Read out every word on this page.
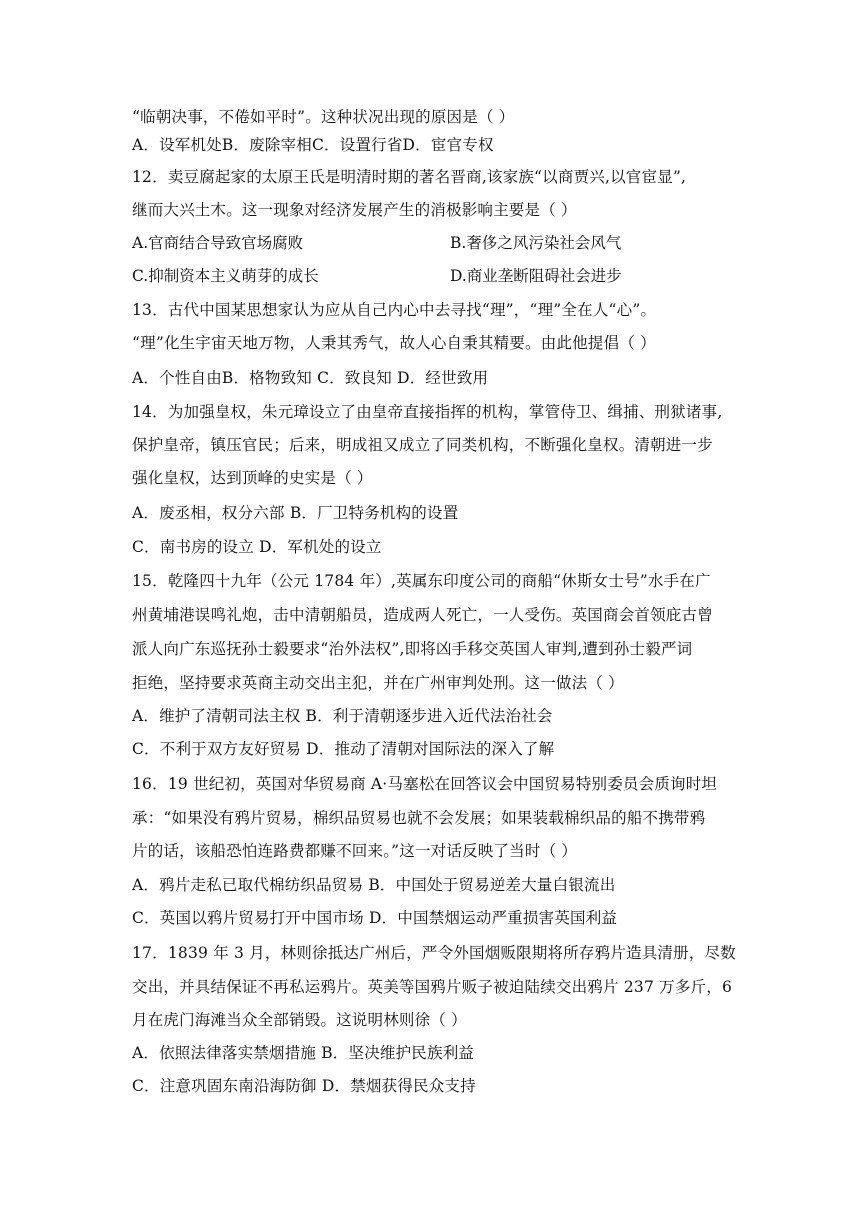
“临朝决事，不倦如平时”。这种状况出现的原因是（ ）
A．设军机处B．废除宰相C．设置行省D．宦官专权
12．卖豆腐起家的太原王氏是明清时期的著名晋商,该家族“以商贾兴,以官宦显”,
继而大兴土木。这一现象对经济发展产生的消极影响主要是（ ）
A.官商结合导致官场腐败	B.奢侈之风污染社会风气
C.抑制资本主义萌芽的成长	D.商业垄断阻碍社会进步
13．古代中国某思想家认为应从自己内心中去寻找“理”，“理”全在人“心”。
“理”化生宇宙天地万物，人秉其秀气，故人心自秉其精要。由此他提倡（ ）
A．个性自由B．格物致知 C．致良知 D．经世致用
14．为加强皇权，朱元璋设立了由皇帝直接指挥的机构，掌管侍卫、缉捕、刑狱诸事,
保护皇帝，镇压官民；后来，明成祖又成立了同类机构，不断强化皇权。清朝进一步
强化皇权，达到顶峰的史实是（ ）
A．废丞相，权分六部 B．厂卫特务机构的设置
C．南书房的设立 D．军机处的设立
15．乾隆四十九年（公元 1784 年）,英属东印度公司的商船“休斯女士号”水手在广
州黄埔港误鸣礼炮，击中清朝船员，造成两人死亡，一人受伤。英国商会首领庇古曾
派人向广东巡抚孙士毅要求“治外法权”,即将凶手移交英国人审判,遭到孙士毅严词
拒绝，坚持要求英商主动交出主犯，并在广州审判处刑。这一做法（ ）
A．维护了清朝司法主权 B．利于清朝逐步进入近代法治社会
C．不利于双方友好贸易 D．推动了清朝对国际法的深入了解
16．19 世纪初，英国对华贸易商 A·马塞松在回答议会中国贸易特别委员会质询时坦
承：“如果没有鸦片贸易，棉织品贸易也就不会发展；如果装载棉织品的船不携带鸦
片的话，该船恐怕连路费都赚不回来。”这一对话反映了当时（ ）
A．鸦片走私已取代棉纺织品贸易 B．中国处于贸易逆差大量白银流出
C．英国以鸦片贸易打开中国市场 D．中国禁烟运动严重损害英国利益
17．1839 年 3 月，林则徐抵达广州后，严令外国烟贩限期将所存鸦片造具清册，尽数
交出，并具结保证不再私运鸦片。英美等国鸦片贩子被迫陆续交出鸦片 237 万多斤，6
月在虎门海滩当众全部销毁。这说明林则徐（ ）
A．依照法律落实禁烟措施 B．坚决维护民族利益
C．注意巩固东南沿海防御 D．禁烟获得民众支持
